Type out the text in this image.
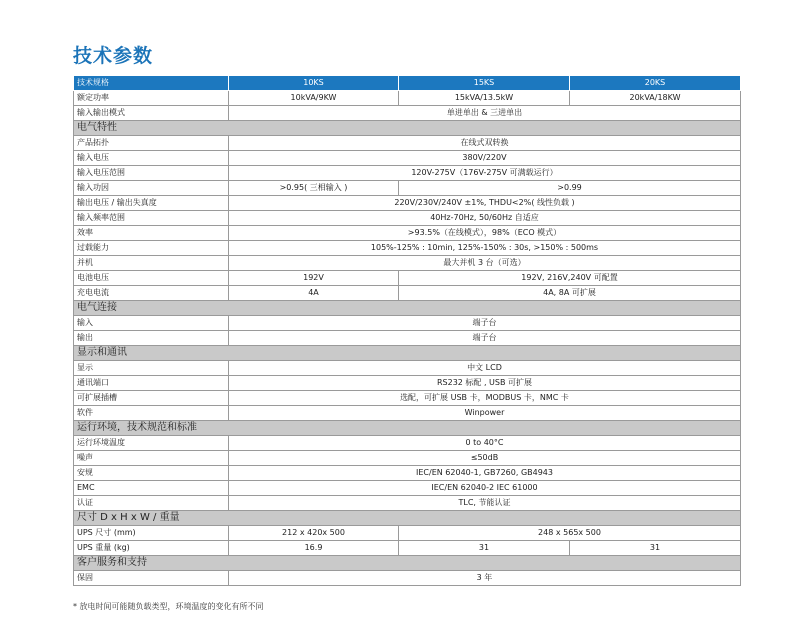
技术参数
技术规格	10KS	15KS	20KS
额定功率	10kVA/9KW	15kVA/13.5kW	20kVA/18KW
输入输出模式	单进单出 & 三进单出		
电气特性			
产品拓扑	在线式双转换		
输入电压	380V/220V		
输入电压范围	120V-275V（176V-275V 可满载运行）		
输入功因	>0.95( 三相输入 )	>0.99	
输出电压 / 输出失真度	220V/230V/240V ±1%, THDU<2%( 线性负载 )		
输入频率范围	40Hz-70Hz, 50/60Hz 自适应		
效率	>93.5%（在线模式），98%（ECO 模式）		
过载能力	105%-125% : 10min, 125%-150% : 30s, >150% : 500ms		
并机	最大并机 3 台（可选）		
电池电压	192V	192V, 216V,240V 可配置	
充电电流	4A	4A, 8A 可扩展	
电气连接			
输入	端子台		
输出	端子台		
显示和通讯			
显示	中文 LCD		
通讯端口	RS232 标配 , USB 可扩展		
可扩展插槽	选配，可扩展 USB 卡，MODBUS 卡，NMC 卡		
软件	Winpower		
运行环境，技术规范和标准			
运行环境温度	0 to 40°C		
噪声	≤50dB		
安规	IEC/EN 62040-1, GB7260, GB4943		
EMC	IEC/EN 62040-2 IEC 61000		
认证	TLC, 节能认证		
尺寸 D x H x W / 重量			
UPS 尺寸 (mm)	212 x 420x 500	248 x 565x 500	
UPS 重量 (kg)	16.9	31	31
客户服务和支持			
保固	3 年		

* 放电时间可能随负载类型，环境温度的变化有所不同
